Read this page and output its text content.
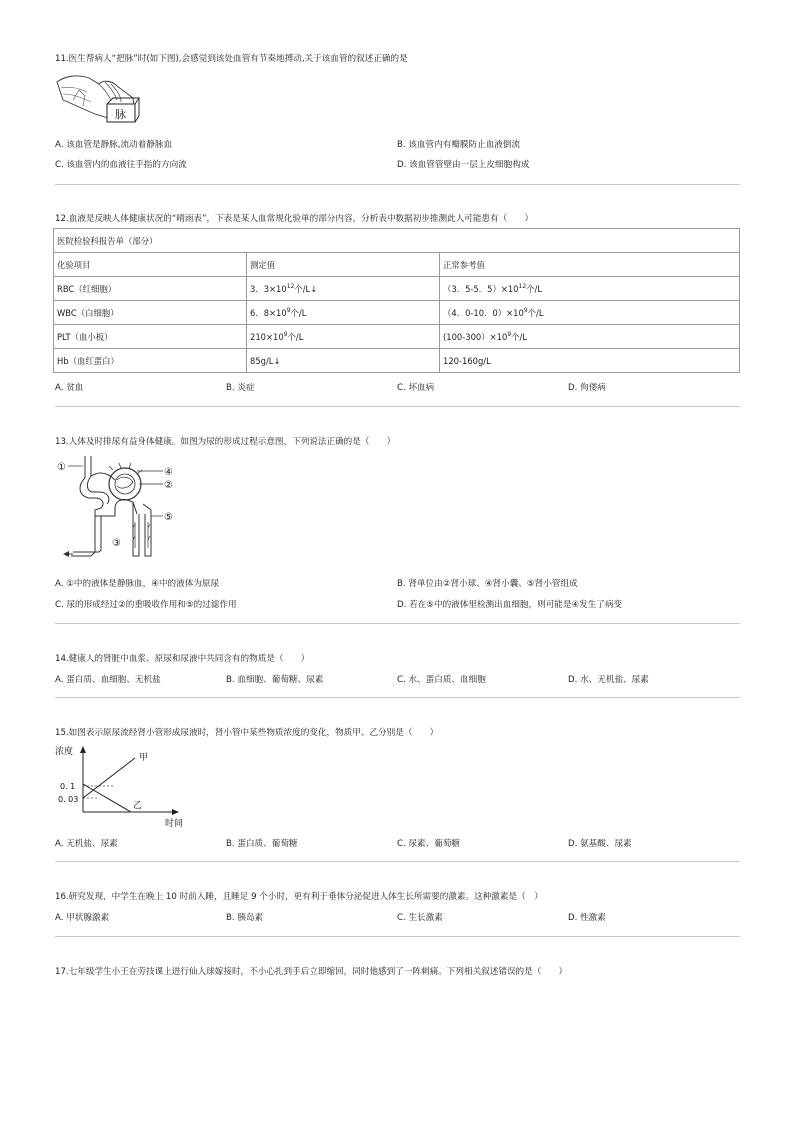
11.医生帮病人“把脉”时(如下图),会感觉到该处血管有节奏地搏动,关于该血管的叙述正确的是
脉
A. 该血管是静脉,流动着静脉血	B. 该血管内有瓣膜防止血液倒流
C. 该血管内的血液往手指的方向流	D. 该血管管壁由一层上皮细胞构成
12.血液是反映人体健康状况的“晴雨表”，下表是某人血常规化验单的部分内容，分析表中数据初步推测此人可能患有（　　）
医院检验科报告单（部分）		
化验项目	测定值	正常参考值
RBC（红细胞）	3．$3\times 10^{12}$个/L↓	（3．5-5．$5)\times 10^{12}$个/L
WBC（白细胞）	6．$8\times 10^9$个/L	（4．0-10．$0)\times 10^9$个/L
PLT（血小板）	$210\times 10^9$个/L	$(100-300)\times 10^9$个/L
Hb（血红蛋白）	85g/L↓	120-160g/L
A. 贫血	B. 炎症	C. 坏血病	D. 佝偻病
13.人体及时排尿有益身体健康。如图为尿的形成过程示意图，下列说法正确的是（　　）
①	④
②
⑤
③
A. ①中的液体是静脉血，④中的液体为原尿	B. 肾单位由②肾小球、④肾小囊、⑤肾小管组成
C. 尿的形成经过②的重吸收作用和⑤的过滤作用	D. 若在⑤中的液体里检测出血细胞，则可能是④发生了病变
14.健康人的肾脏中血浆、原尿和尿液中共同含有的物质是（　　）
A. 蛋白质、血细胞、无机盐	B. 血细胞、葡萄糖、尿素	C. 水、蛋白质、血细胞	D. 水、无机盐、尿素
15.如图表示原尿流经肾小管形成尿液时，肾小管中某些物质浓度的变化，物质甲、乙分别是（　　）
浓度
0. 1
0. 03
甲
乙
时间
A. 无机盐、尿素	B. 蛋白质、葡萄糖	C. 尿素、葡萄糖	D. 氨基酸、尿素
16.研究发现，中学生在晚上 10 时前入睡，且睡足 9 个小时，更有利于垂体分泌促进人体生长所需要的激素。这种激素是（　）
A. 甲状腺激素	B. 胰岛素	C. 生长激素	D. 性激素
17.七年级学生小王在劳技课上进行仙人球嫁接时，不小心扎到手后立即缩回，同时他感到了一阵刺痛。下列相关叙述错误的是（　　）
